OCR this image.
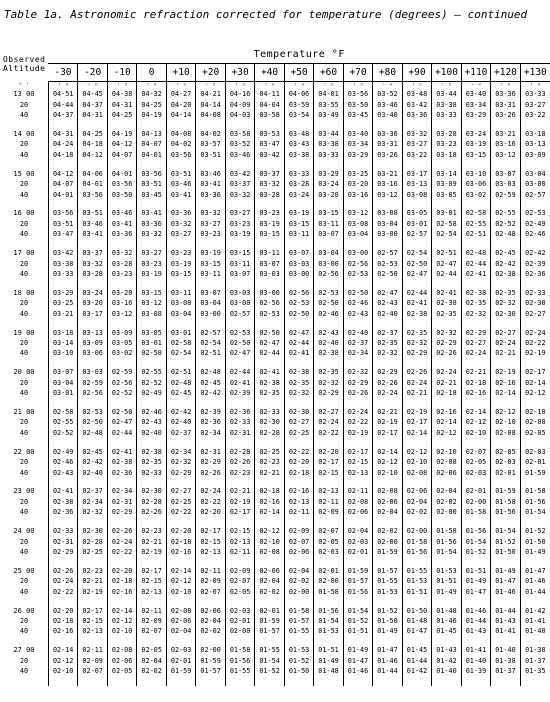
Table 1a. Astronomic refraction corrected for temperature (degrees) — continued
Observed
Altitude	Temperature °F																
	-30	-20	-10	0	+10	+20	+30	+40	+50	+60	+70	+80	+90	+100	+110	+120	+130
° '	' "	' "	' "	' "	' "	' "	' "	' "	' "	' "	' "	' "	' "	' "	' "	' "	' "
13 00	04-51	04-45	04-38	04-32	04-27	04-21	04-16	04-11	04-06	04-01	03-56	03-52	03-48	03-44	03-40	03-36	03-33
20	04-44	04-37	04-31	04-25	04-20	04-14	04-09	04-04	03-59	03-55	03-50	03-46	03-42	03-38	03-34	03-31	03-27
40	04-37	04-31	04-25	04-19	04-14	04-08	04-03	03-58	03-54	03-49	03-45	03-40	03-36	03-33	03-29	03-26	03-22

14 00	04-31	04-25	04-19	04-13	04-08	04-02	03-58	03-53	03-48	03-44	03-40	03-36	03-32	03-28	03-24	03-21	03-18
20	04-24	04-18	04-12	04-07	04-02	03-57	03-52	03-47	03-43	03-38	03-34	03-31	03-27	03-23	03-19	03-16	03-13
40	04-18	04-12	04-07	04-01	03-56	03-51	03-46	03-42	03-38	03-33	03-29	03-26	03-22	03-18	03-15	03-12	03-09

15 00	04-12	04-06	04-01	03-56	03-51	03-46	03-42	03-37	03-33	03-29	03-25	03-21	03-17	03-14	03-10	03-07	03-04
20	04-07	04-01	03-56	03-51	03-46	03-41	03-37	03-32	03-28	03-24	03-20	03-16	03-13	03-09	03-06	03-03	03-00
40	04-01	03-56	03-50	03-45	03-41	03-36	03-32	03-28	03-24	03-20	03-16	03-12	03-08	03-05	03-02	02-59	02-57

16 00	03-56	03-51	03-46	03-41	03-36	03-32	03-27	03-23	03-19	03-15	03-12	03-08	03-05	03-01	02-58	02-55	02-53
20	03-51	03-46	03-41	03-36	03-32	03-27	03-23	03-19	03-15	03-11	03-08	03-04	03-01	02-58	02-55	02-52	02-49
40	03-47	03-41	03-36	03-32	03-27	03-23	03-19	03-15	03-11	03-07	03-04	03-00	02-57	02-54	02-51	02-48	02-46

17 00	03-42	03-37	03-32	03-27	03-23	03-19	03-15	03-11	03-07	03-04	03-00	02-57	02-54	02-51	02-48	02-45	02-42
20	03-38	03-32	03-28	03-23	03-19	03-15	03-11	03-07	03-03	03-00	02-56	02-53	02-50	02-47	02-44	02-42	02-39
40	03-33	03-28	03-23	03-19	03-15	03-11	03-07	03-03	03-00	02-56	02-53	02-50	02-47	02-44	02-41	02-38	02-36

18 00	03-29	03-24	03-20	03-15	03-11	03-07	03-03	03-00	02-56	02-53	02-50	02-47	02-44	02-41	02-38	02-35	02-33
20	03-25	03-20	03-16	03-12	03-08	03-04	03-00	02-56	02-53	02-50	02-46	02-43	02-41	02-38	02-35	02-32	02-30
40	03-21	03-17	03-12	03-08	03-04	03-00	02-57	02-53	02-50	02-46	02-43	02-40	02-38	02-35	02-32	02-30	02-27

19 00	03-18	03-13	03-09	03-05	03-01	02-57	02-53	02-50	02-47	02-43	02-40	02-37	02-35	02-32	02-29	02-27	02-24
20	03-14	03-09	03-05	03-01	02-58	02-54	02-50	02-47	02-44	02-40	02-37	02-35	02-32	02-29	02-27	02-24	02-22
40	03-10	03-06	03-02	02-58	02-54	02-51	02-47	02-44	02-41	02-38	02-34	02-32	02-29	02-26	02-24	02-21	02-19

20 00	03-07	03-03	02-59	02-55	02-51	02-48	02-44	02-41	02-38	02-35	02-32	02-29	02-26	02-24	02-21	02-19	02-17
20	03-04	02-59	02-56	02-52	02-48	02-45	02-41	02-38	02-35	02-32	02-29	02-26	02-24	02-21	02-18	02-16	02-14
40	03-01	02-56	02-52	02-49	02-45	02-42	02-39	02-35	02-32	02-29	02-26	02-24	02-21	02-18	02-16	02-14	02-12

21 00	02-58	02-53	02-50	02-46	02-42	02-39	02-36	02-33	02-30	02-27	02-24	02-21	02-19	02-16	02-14	02-12	02-10
20	02-55	02-50	02-47	02-43	02-40	02-36	02-33	02-30	02-27	02-24	02-22	02-19	02-17	02-14	02-12	02-10	02-08
40	02-52	02-48	02-44	02-40	02-37	02-34	02-31	02-28	02-25	02-22	02-19	02-17	02-14	02-12	02-10	02-08	02-05

22 00	02-49	02-45	02-41	02-38	02-34	02-31	02-28	02-25	02-22	02-20	02-17	02-14	02-12	02-10	02-07	02-05	02-03
20	02-46	02-42	02-38	02-35	02-32	02-29	02-26	02-23	02-20	02-17	02-15	02-12	02-10	02-08	02-05	02-03	02-01
40	02-43	02-40	02-36	02-33	02-29	02-26	02-23	02-21	02-18	02-15	02-13	02-10	02-08	02-06	02-03	02-01	01-59

23 00	02-41	02-37	02-34	02-30	02-27	02-24	02-21	02-18	02-16	02-13	02-11	02-08	02-06	02-04	02-01	01-59	01-58
20	02-38	02-34	02-31	02-28	02-25	02-22	02-19	02-16	02-13	02-11	02-08	02-06	02-04	02-02	02-00	01-58	01-56
40	02-36	02-32	02-29	02-26	02-22	02-20	02-17	02-14	02-11	02-09	02-06	02-04	02-02	02-00	01-58	01-56	01-54

24 00	02-33	02-30	02-26	02-23	02-20	02-17	02-15	02-12	02-09	02-07	02-04	02-02	02-00	01-58	01-56	01-54	01-52
20	02-31	02-28	02-24	02-21	02-18	02-15	02-13	02-10	02-07	02-05	02-03	02-00	01-58	01-56	01-54	01-52	01-50
40	02-29	02-25	02-22	02-19	02-16	02-13	02-11	02-08	02-06	02-03	02-01	01-59	01-56	01-54	01-52	01-50	01-49

25 00	02-26	02-23	02-20	02-17	02-14	02-11	02-09	02-06	02-04	02-01	01-59	01-57	01-55	01-53	01-51	01-49	01-47
20	02-24	02-21	02-18	02-15	02-12	02-09	02-07	02-04	02-02	02-00	01-57	01-55	01-53	01-51	01-49	01-47	01-46
40	02-22	02-19	02-16	02-13	02-10	02-07	02-05	02-02	02-00	01-58	01-56	01-53	01-51	01-49	01-47	01-46	01-44

26 00	02-20	02-17	02-14	02-11	02-08	02-06	02-03	02-01	01-58	01-56	01-54	01-52	01-50	01-48	01-46	01-44	01-42
20	02-18	02-15	02-12	02-09	02-06	02-04	02-01	01-59	01-57	01-54	01-52	01-50	01-48	01-46	01-44	01-43	01-41
40	02-16	02-13	02-10	02-07	02-04	02-02	02-00	01-57	01-55	01-53	01-51	01-49	01-47	01-45	01-43	01-41	01-40

27 00	02-14	02-11	02-08	02-05	02-03	02-00	01-58	01-55	01-53	01-51	01-49	01-47	01-45	01-43	01-41	01-40	01-38
20	02-12	02-09	02-06	02-04	02-01	01-59	01-56	01-54	01-52	01-49	01-47	01-46	01-44	01-42	01-40	01-38	01-37
40	02-10	02-07	02-05	02-02	01-59	01-57	01-55	01-52	01-50	01-48	01-46	01-44	01-42	01-40	01-39	01-37	01-35
